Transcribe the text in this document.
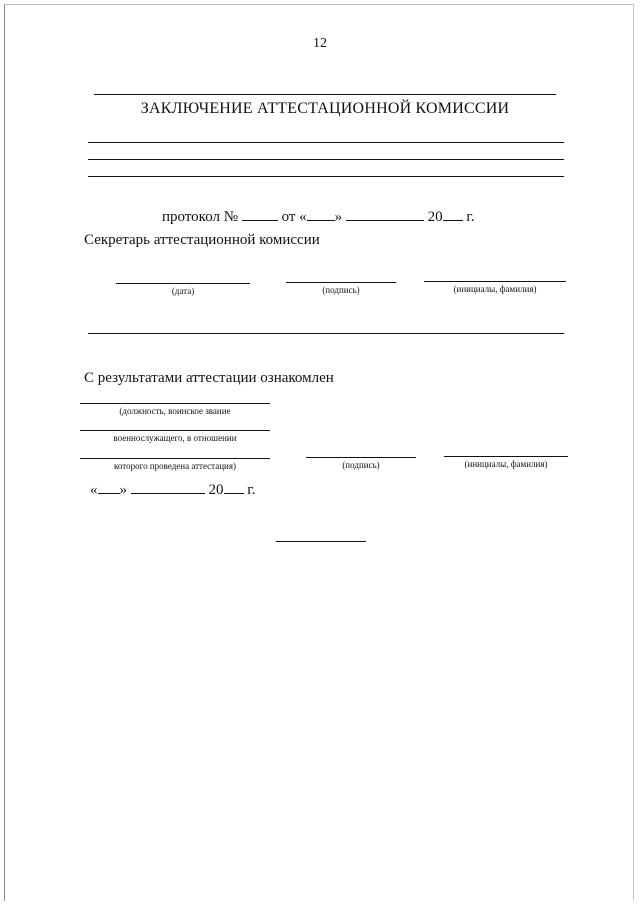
12
ЗАКЛЮЧЕНИЕ АТТЕСТАЦИОННОЙ КОМИССИИ
протокол №	от « »	20 г.
Секретарь аттестационной комиссии
(дата)	(подпись)	(инициалы, фамилия)
С результатами аттестации ознакомлен
(должность, воинское звание
военнослужащего, в отношении
которого проведена аттестация)	(подпись)	(инициалы, фамилия)
« »	20 г.
